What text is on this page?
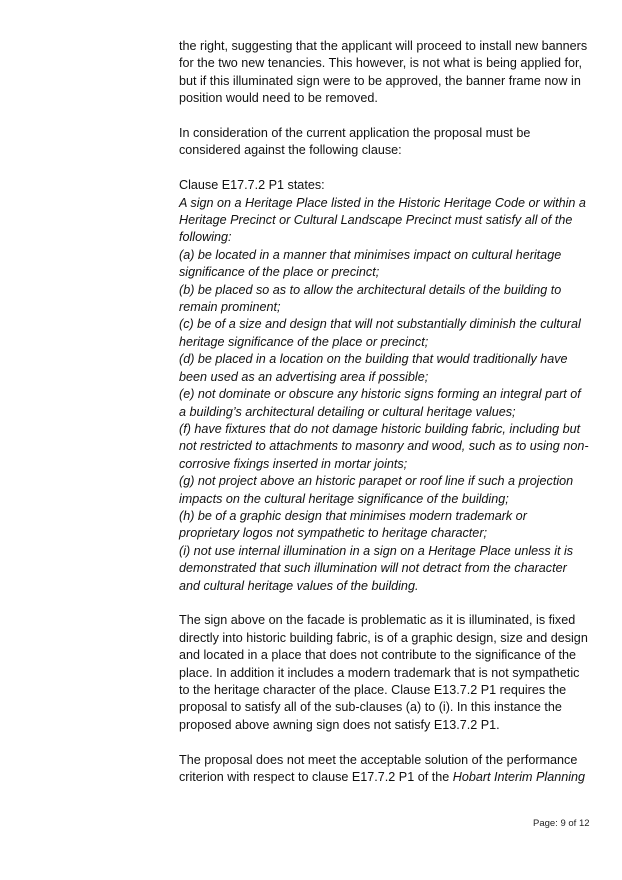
the right, suggesting that the applicant will proceed to install new banners for the two new tenancies. This however, is not what is being applied for, but if this illuminated sign were to be approved, the banner frame now in position would need to be removed.

In consideration of the current application the proposal must be considered against the following clause:

Clause E17.7.2 P1 states:

A sign on a Heritage Place listed in the Historic Heritage Code or within a Heritage Precinct or Cultural Landscape Precinct must satisfy all of the following:

(a) be located in a manner that minimises impact on cultural heritage significance of the place or precinct;

(b) be placed so as to allow the architectural details of the building to remain prominent;

(c) be of a size and design that will not substantially diminish the cultural heritage significance of the place or precinct;

(d) be placed in a location on the building that would traditionally have been used as an advertising area if possible;

(e) not dominate or obscure any historic signs forming an integral part of a building’s architectural detailing or cultural heritage values;

(f) have fixtures that do not damage historic building fabric, including but not restricted to attachments to masonry and wood, such as to using non-corrosive fixings inserted in mortar joints;

(g) not project above an historic parapet or roof line if such a projection impacts on the cultural heritage significance of the building;

(h) be of a graphic design that minimises modern trademark or proprietary logos not sympathetic to heritage character;

(i) not use internal illumination in a sign on a Heritage Place unless it is demonstrated that such illumination will not detract from the character and cultural heritage values of the building.

The sign above on the facade is problematic as it is illuminated, is fixed directly into historic building fabric, is of a graphic design, size and design and located in a place that does not contribute to the significance of the place. In addition it includes a modern trademark that is not sympathetic to the heritage character of the place. Clause E13.7.2 P1 requires the proposal to satisfy all of the sub-clauses (a) to (i). In this instance the proposed above awning sign does not satisfy E13.7.2 P1.

The proposal does not meet the acceptable solution of the performance criterion with respect to clause E17.7.2 P1 of the Hobart Interim Planning

Page: 9 of 12
